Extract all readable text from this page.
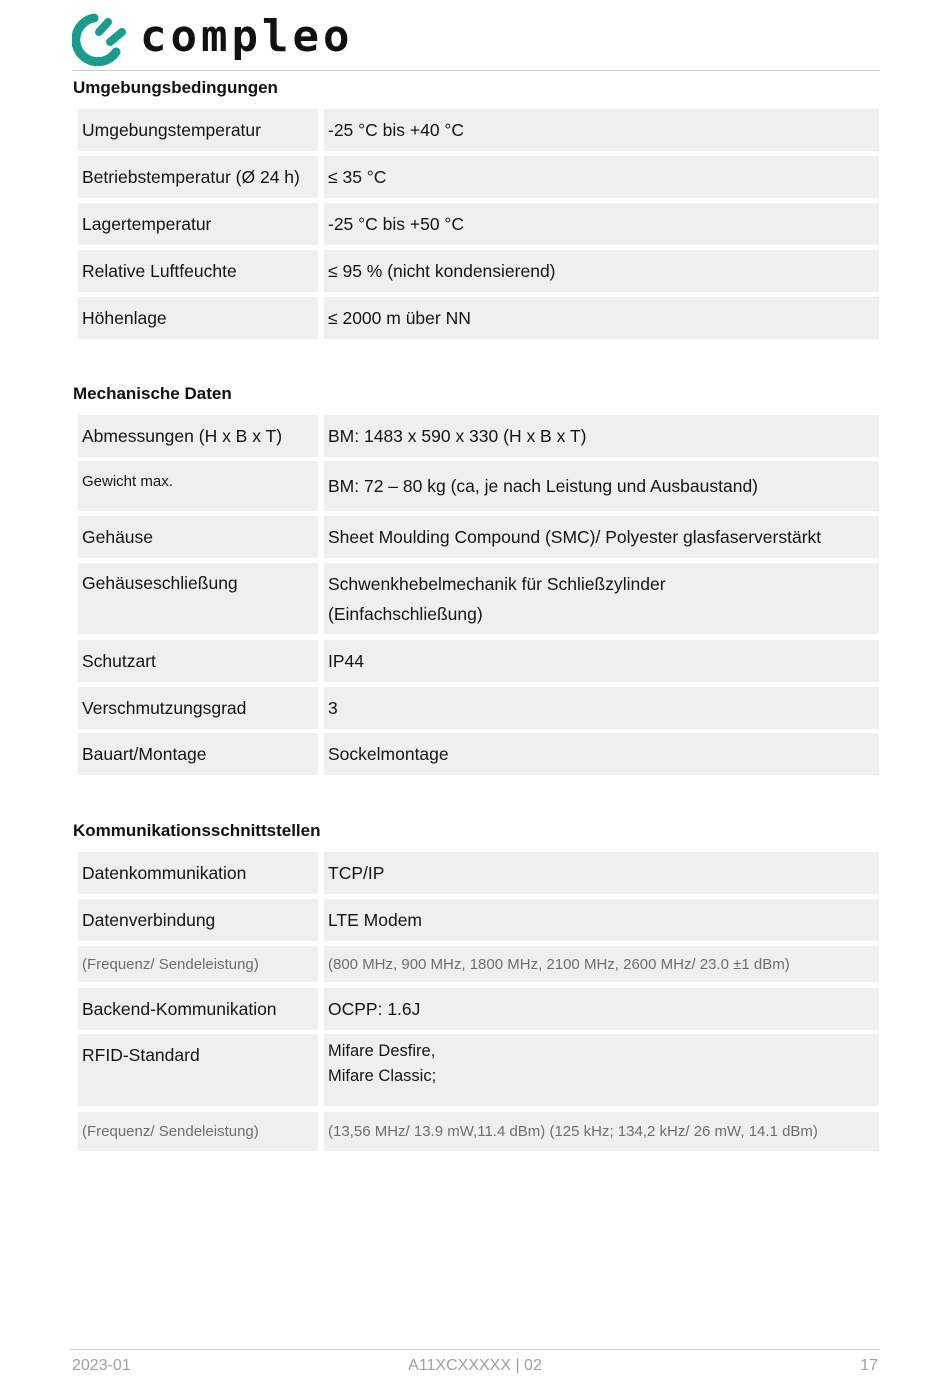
compleo
Umgebungsbedingungen
Umgebungstemperatur	-25 °C bis +40 °C
Betriebstemperatur (Ø 24 h)	≤ 35 °C
Lagertemperatur	-25 °C bis +50 °C
Relative Luftfeuchte	≤ 95 % (nicht kondensierend)
Höhenlage	≤ 2000 m über NN
Mechanische Daten
Abmessungen (H x B x T)	BM: 1483 x 590 x 330 (H x B x T)
Gewicht max.	BM: 72 – 80 kg (ca, je nach Leistung und Ausbaustand)
Gehäuse	Sheet Moulding Compound (SMC)/ Polyester glasfaserverstärkt
Gehäuseschließung	Schwenkhebelmechanik für Schließzylinder
(Einfachschließung)
Schutzart	IP44
Verschmutzungsgrad	3
Bauart/Montage	Sockelmontage
Kommunikationsschnittstellen
Datenkommunikation	TCP/IP
Datenverbindung	LTE Modem
(Frequenz/ Sendeleistung)	(800 MHz, 900 MHz, 1800 MHz, 2100 MHz, 2600 MHz/ 23.0 ±1 dBm)
Backend-Kommunikation	OCPP: 1.6J
RFID-Standard	Mifare Desfire,
Mifare Classic;
(Frequenz/ Sendeleistung)	(13,56 MHz/ 13.9 mW,11.4 dBm) (125 kHz; 134,2 kHz/ 26 mW, 14.1 dBm)
2023-01	A11XCXXXXX | 02	17
